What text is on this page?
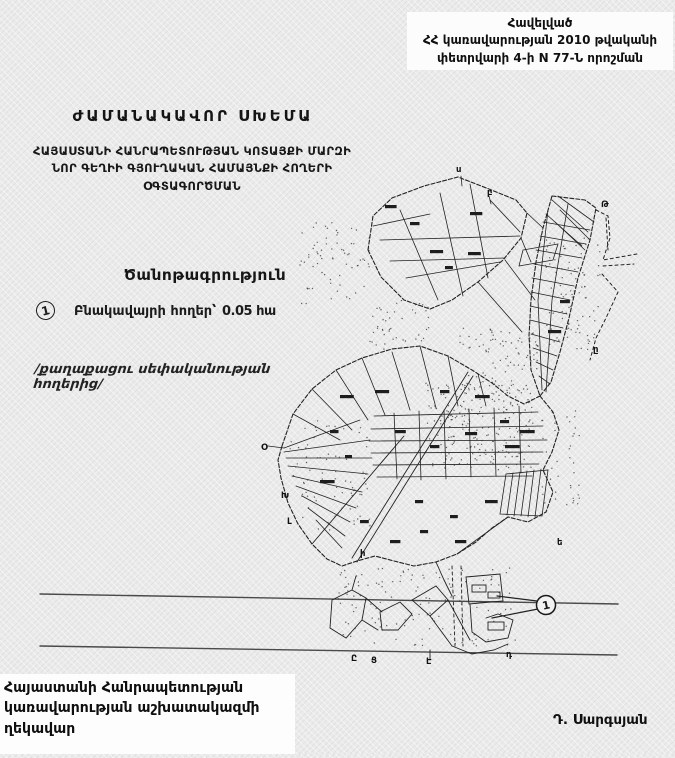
Հավելված
ՀՀ կառավարության 2010 թվականի
փետրվարի 4-ի N 77-Ն որոշման
ԺԱՄԱՆԱԿԱՎՈՐ ՍԽԵՄԱ
ՀԱՅԱՍՏԱՆԻ ՀԱՆՐԱՊԵՏՈՒԹՅԱՆ ԿՈՏԱՅՔԻ ՄԱՐԶԻ
ՆՈՐ ԳԵՂԻԻ ԳՅՈՒՂԱԿԱՆ ՀԱՄԱՅՆՔԻ ՀՈՂԵՐԻ
ՕԳՏԱԳՈՐԾՄԱՆ
Ծանոթագրություն
1	Բնակավայրի հողեր՝ 0.05 հա
/քաղաքացու սեփականության հողերից/
1
ս
բ
Թ
ը
Օ
Խ
Լ
ի
ե
Ը Ց	Է
դ
Հայաստանի Հանրապետության
կառավարության աշխատակազմի
ղեկավար
Դ. Սարգսյան
